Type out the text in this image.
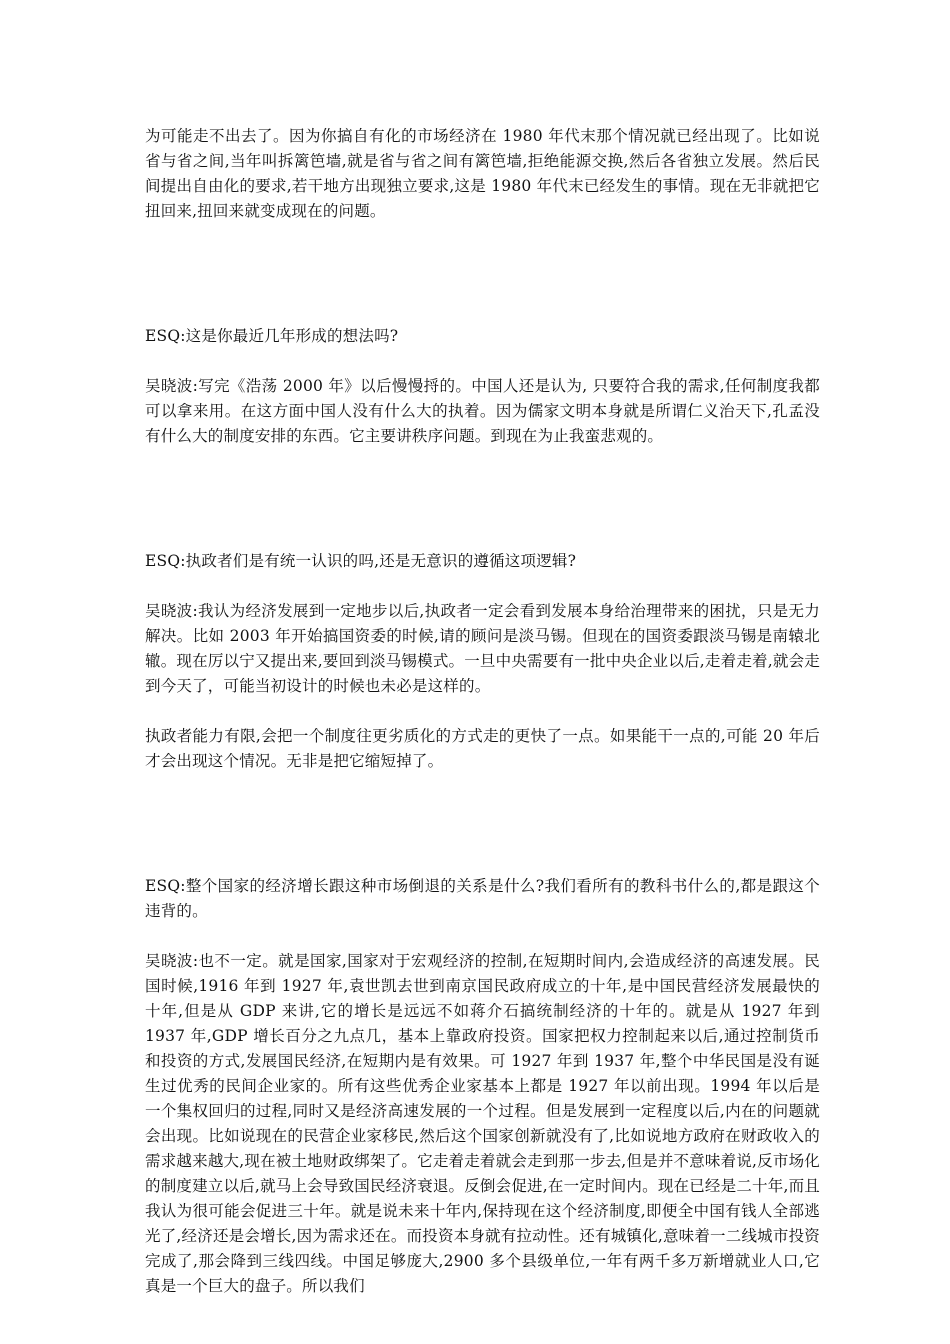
为可能走不出去了。因为你搞自有化的市场经济在 1980 年代末那个情况就已经出现了。比如说省与省之间,当年叫拆篱笆墙,就是省与省之间有篱笆墙,拒绝能源交换,然后各省独立发展。然后民间提出自由化的要求,若干地方出现独立要求,这是 1980 年代末已经发生的事情。现在无非就把它扭回来,扭回来就变成现在的问题。

ESQ:这是你最近几年形成的想法吗?

吴晓波:写完《浩荡 2000 年》以后慢慢捋的。中国人还是认为, 只要符合我的需求,任何制度我都可以拿来用。在这方面中国人没有什么大的执着。因为儒家文明本身就是所谓仁义治天下,孔孟没有什么大的制度安排的东西。它主要讲秩序问题。到现在为止我蛮悲观的。

ESQ:执政者们是有统一认识的吗,还是无意识的遵循这项逻辑?

吴晓波:我认为经济发展到一定地步以后,执政者一定会看到发展本身给治理带来的困扰，只是无力解决。比如 2003 年开始搞国资委的时候,请的顾问是淡马锡。但现在的国资委跟淡马锡是南辕北辙。现在厉以宁又提出来,要回到淡马锡模式。一旦中央需要有一批中央企业以后,走着走着,就会走到今天了，可能当初设计的时候也未必是这样的。

执政者能力有限,会把一个制度往更劣质化的方式走的更快了一点。如果能干一点的,可能 20 年后才会出现这个情况。无非是把它缩短掉了。

ESQ:整个国家的经济增长跟这种市场倒退的关系是什么?我们看所有的教科书什么的,都是跟这个违背的。

吴晓波:也不一定。就是国家,国家对于宏观经济的控制,在短期时间内,会造成经济的高速发展。民国时候,1916 年到 1927 年,袁世凯去世到南京国民政府成立的十年,是中国民营经济发展最快的十年,但是从 GDP 来讲,它的增长是远远不如蒋介石搞统制经济的十年的。就是从 1927 年到 1937 年,GDP 增长百分之九点几，基本上靠政府投资。国家把权力控制起来以后,通过控制货币和投资的方式,发展国民经济,在短期内是有效果。可 1927 年到 1937 年,整个中华民国是没有诞生过优秀的民间企业家的。所有这些优秀企业家基本上都是 1927 年以前出现。1994 年以后是一个集权回归的过程,同时又是经济高速发展的一个过程。但是发展到一定程度以后,内在的问题就会出现。比如说现在的民营企业家移民,然后这个国家创新就没有了,比如说地方政府在财政收入的需求越来越大,现在被土地财政绑架了。它走着走着就会走到那一步去,但是并不意味着说,反市场化的制度建立以后,就马上会导致国民经济衰退。反倒会促进,在一定时间内。现在已经是二十年,而且我认为很可能会促进三十年。就是说未来十年内,保持现在这个经济制度,即便全中国有钱人全部逃光了,经济还是会增长,因为需求还在。而投资本身就有拉动性。还有城镇化,意味着一二线城市投资完成了,那会降到三线四线。中国足够庞大,2900 多个县级单位,一年有两千多万新增就业人口,它真是一个巨大的盘子。所以我们
